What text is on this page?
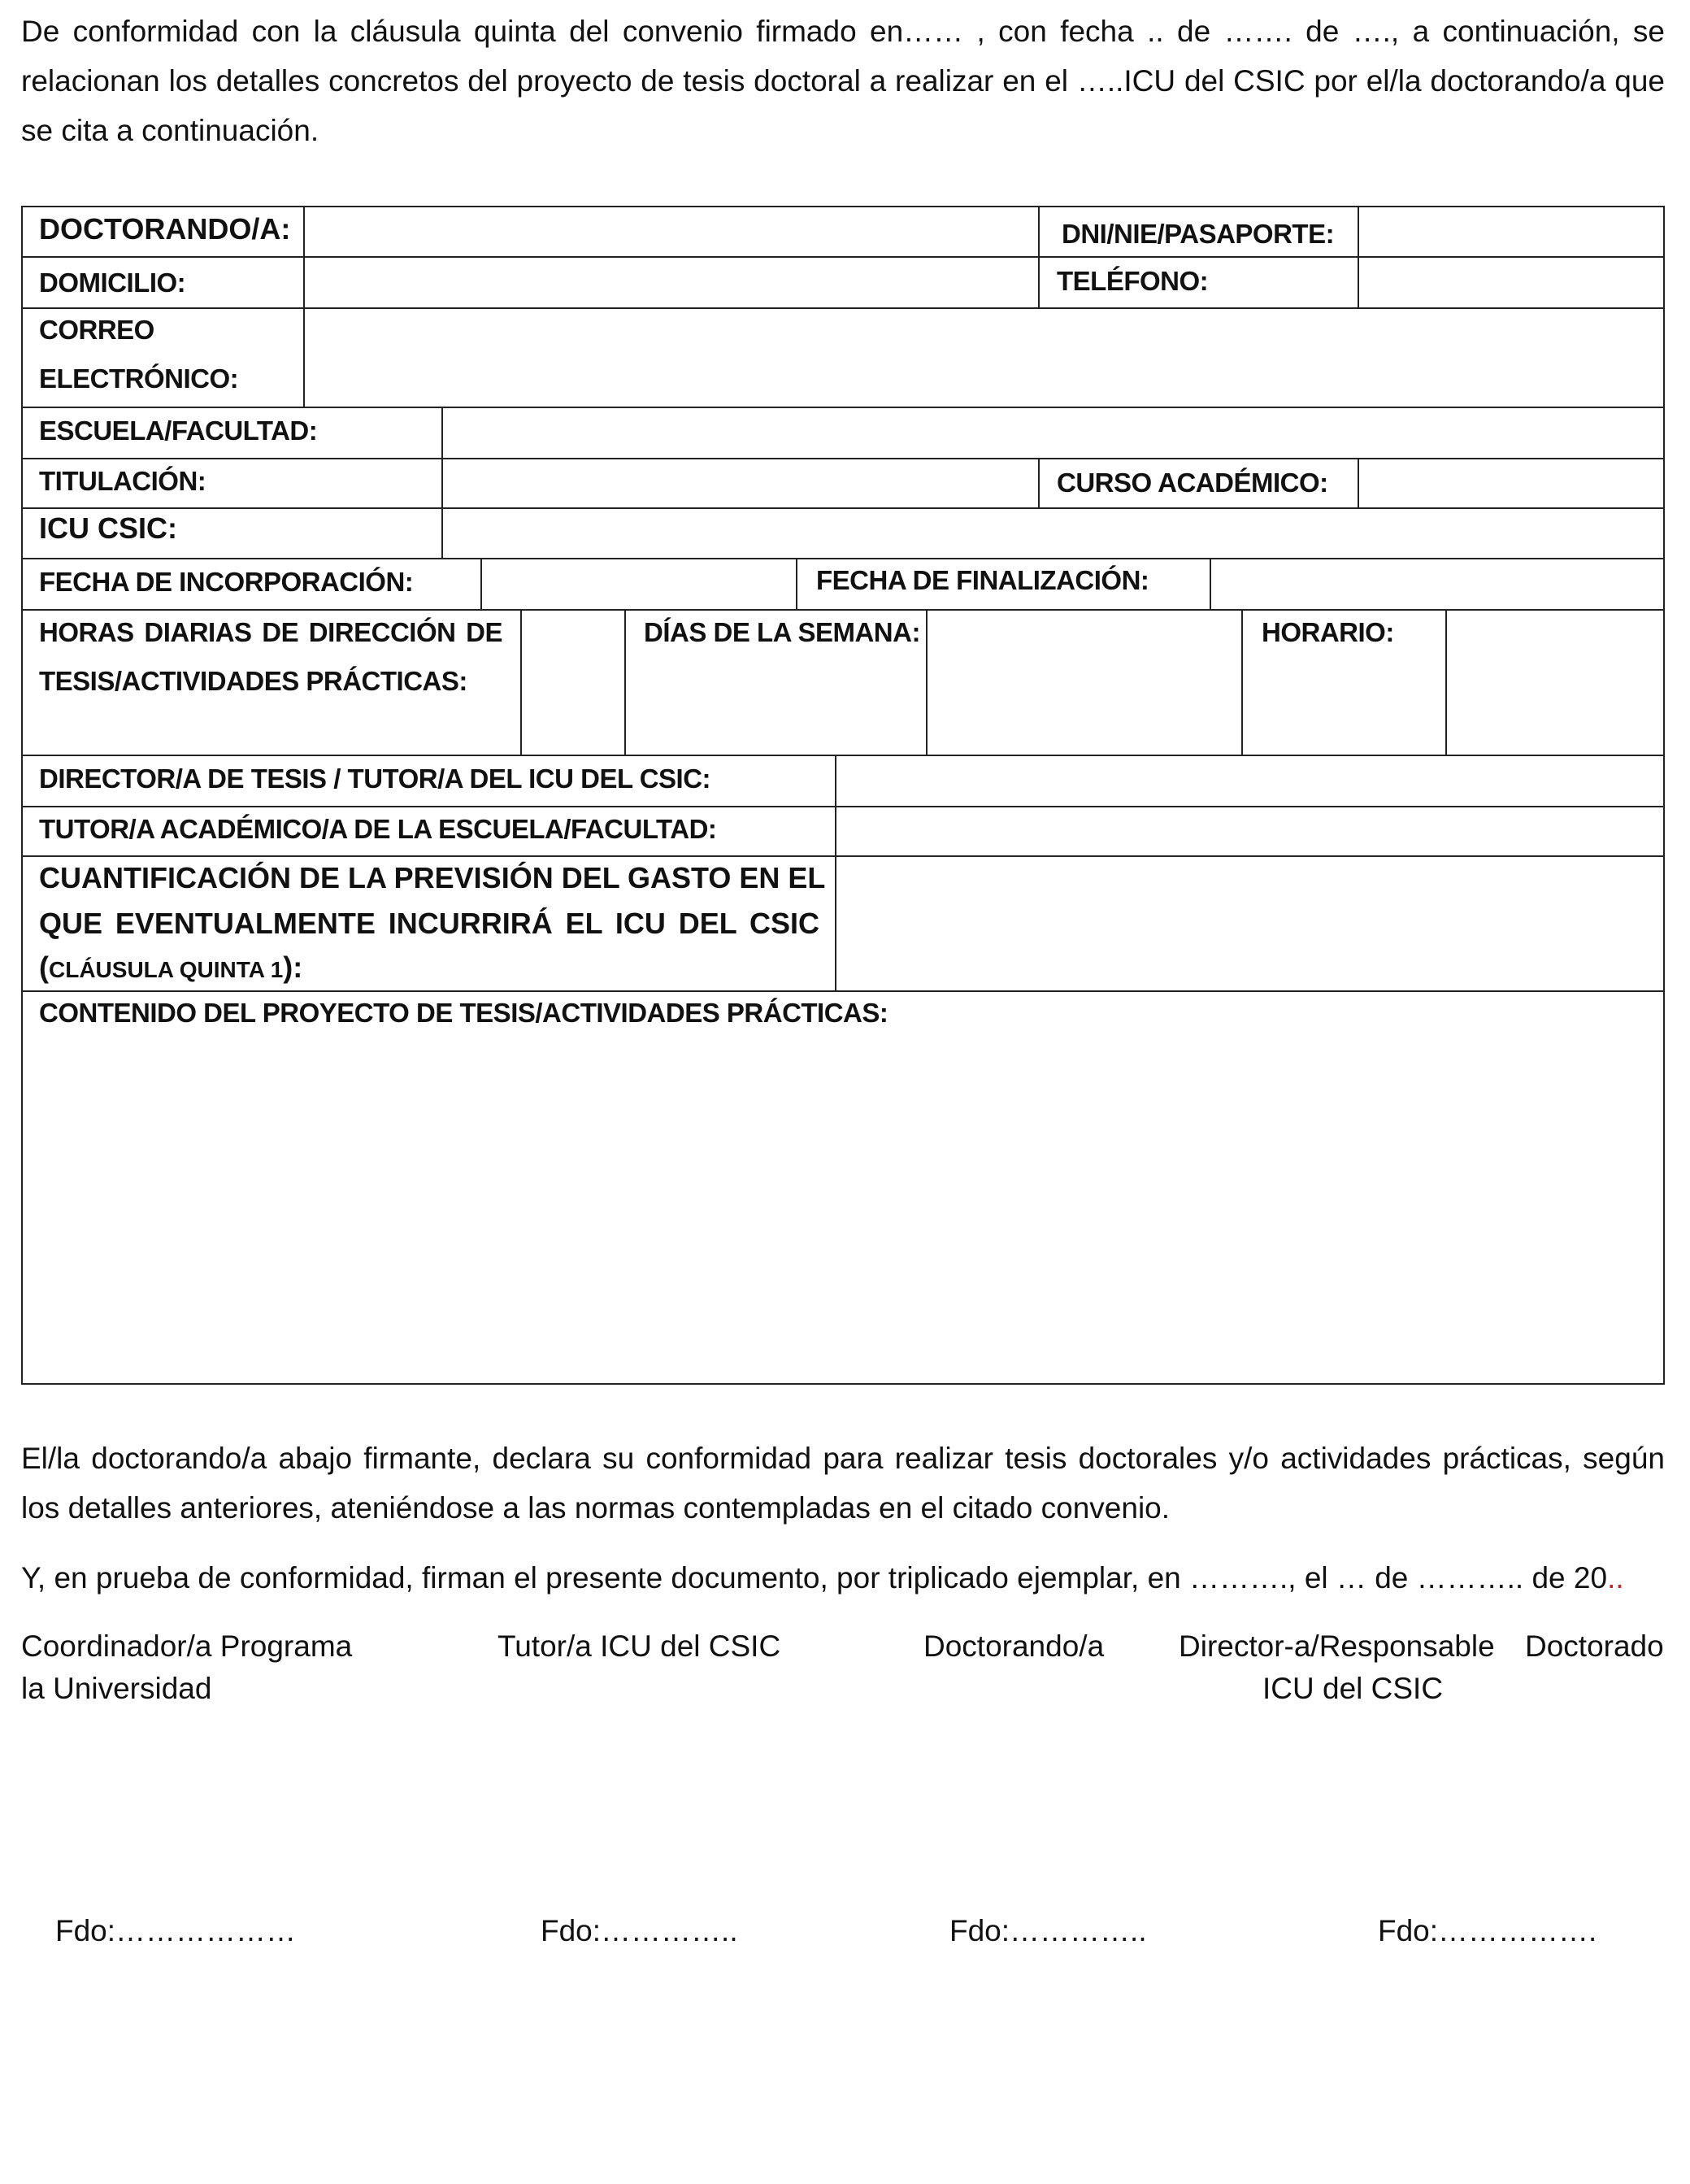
De conformidad con la cláusula quinta del convenio firmado en…… , con fecha .. de ……. de …., a continuación, se

relacionan los detalles concretos del proyecto de tesis doctoral a realizar en el …..ICU del CSIC por el/la doctorando/a que

se cita a continuación.

DOCTORANDO/A:	DNI/NIE/PASAPORTE:
DOMICILIO:	TELÉFONO:
CORREO
ELECTRÓNICO:
ESCUELA/FACULTAD:
TITULACIÓN:	CURSO ACADÉMICO:
ICU CSIC:
FECHA DE INCORPORACIÓN:	FECHA DE FINALIZACIÓN:
HORAS DIARIAS DE DIRECCIÓN DE
TESIS/ACTIVIDADES PRÁCTICAS:
DÍAS DE LA SEMANA:	HORARIO:
DIRECTOR/A DE TESIS / TUTOR/A DEL ICU DEL CSIC:
TUTOR/A ACADÉMICO/A DE LA ESCUELA/FACULTAD:
CUANTIFICACIÓN DE LA PREVISIÓN DEL GASTO EN EL
QUE EVENTUALMENTE INCURRIRÁ EL ICU DEL CSIC
(CLÁUSULA QUINTA 1):
CONTENIDO DEL PROYECTO DE TESIS/ACTIVIDADES PRÁCTICAS:

El/la doctorando/a abajo firmante, declara su conformidad para realizar tesis doctorales y/o actividades prácticas, según

los detalles anteriores, ateniéndose a las normas contempladas en el citado convenio.

Y, en prueba de conformidad, firman el presente documento, por triplicado ejemplar, en ………., el … de ……….. de 20..

Coordinador/a Programa
la Universidad
Tutor/a ICU del CSIC	Doctorando/a Director-a/Responsable
ICU del CSIC
Doctorado
Fdo:………………	Fdo:…………..	Fdo:…………..	Fdo:…………….
